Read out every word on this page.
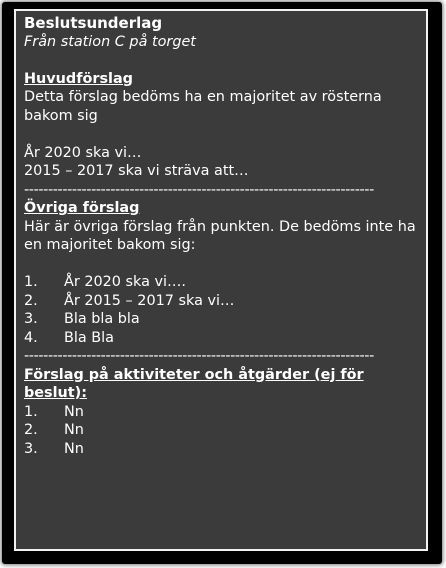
Beslutsunderlag
Från station C på torget
Huvudförslag
Detta förslag bedöms ha en majoritet av rösterna bakom sig
År 2020 ska vi…
2015 – 2017 ska vi sträva att…
-------------------------------------------------------------------------
Övriga förslag
Här är övriga förslag från punkten. De bedöms inte ha en majoritet bakom sig:
1.	År 2020 ska vi….
2.	År 2015 – 2017 ska vi…
3.	Bla bla bla
4.	Bla Bla
-------------------------------------------------------------------------
Förslag på aktiviteter och åtgärder (ej för beslut):
1.	Nn
2.	Nn
3.	Nn
